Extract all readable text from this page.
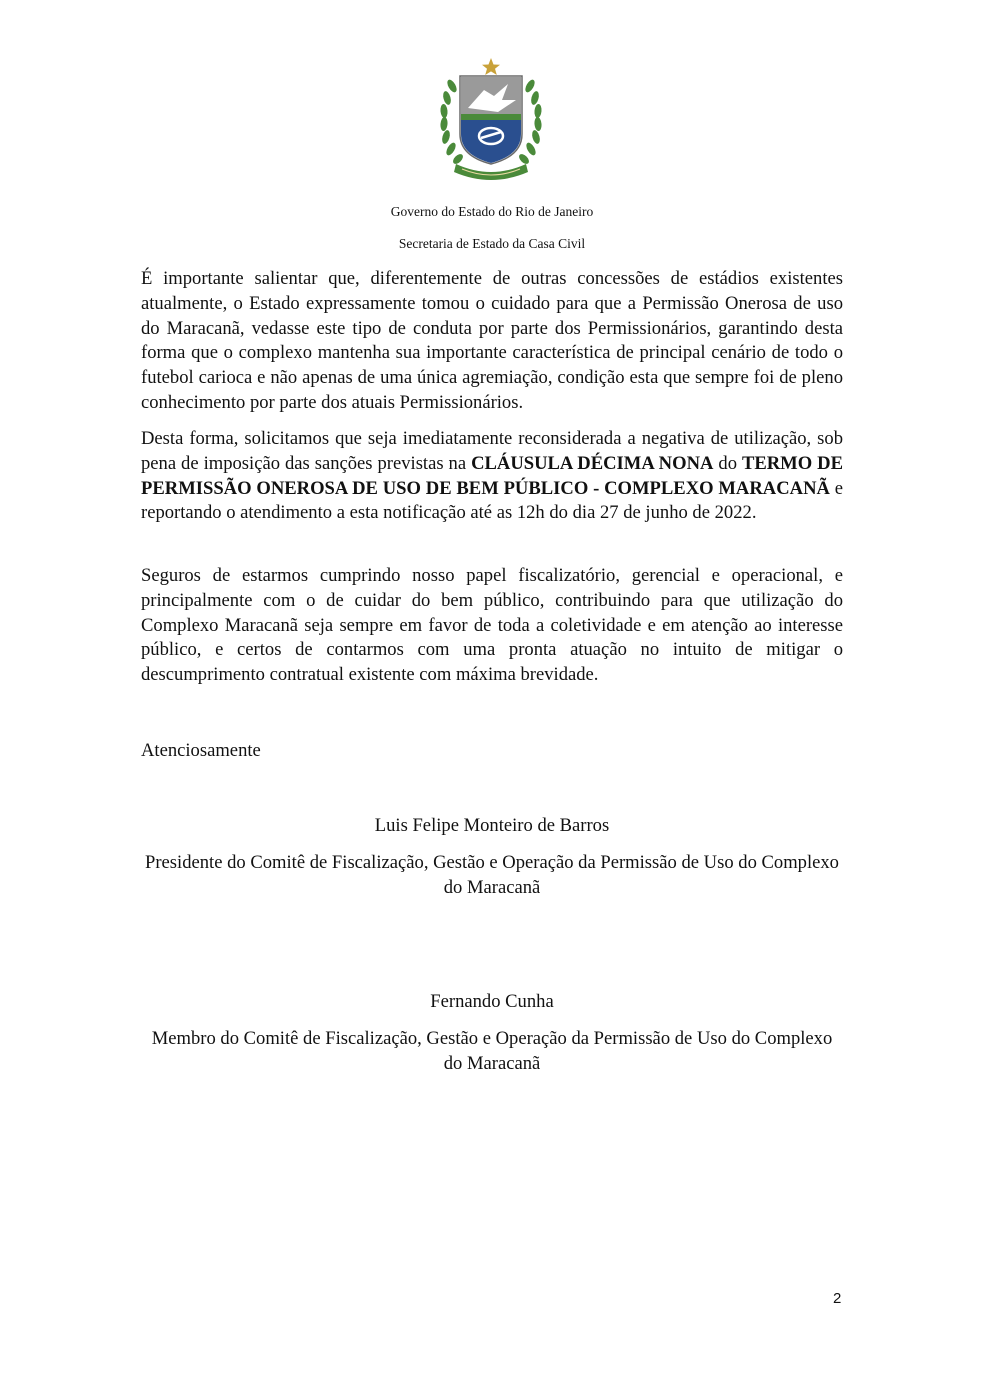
Governo do Estado do Rio de Janeiro
Secretaria de Estado da Casa Civil

É importante salientar que, diferentemente de outras concessões de estádios existentes atualmente, o Estado expressamente tomou o cuidado para que a Permissão Onerosa de uso do Maracanã, vedasse este tipo de conduta por parte dos Permissionários, garantindo desta forma que o complexo mantenha sua importante característica de principal cenário de todo o futebol carioca e não apenas de uma única agremiação, condição esta que sempre foi de pleno conhecimento por parte dos atuais Permissionários.

Desta forma, solicitamos que seja imediatamente reconsiderada a negativa de utilização, sob pena de imposição das sanções previstas na CLÁUSULA DÉCIMA NONA do TERMO DE PERMISSÃO ONEROSA DE USO DE BEM PÚBLICO - COMPLEXO MARACANÃ e reportando o atendimento a esta notificação até as 12h do dia 27 de junho de 2022.

Seguros de estarmos cumprindo nosso papel fiscalizatório, gerencial e operacional, e principalmente com o de cuidar do bem público, contribuindo para que utilização do Complexo Maracanã seja sempre em favor de toda a coletividade e em atenção ao interesse público, e certos de contarmos com uma pronta atuação no intuito de mitigar o descumprimento contratual existente com máxima brevidade.

Atenciosamente

Luis Felipe Monteiro de Barros

Presidente do Comitê de Fiscalização, Gestão e Operação da Permissão de Uso do Complexo do Maracanã

Fernando Cunha

Membro do Comitê de Fiscalização, Gestão e Operação da Permissão de Uso do Complexo do Maracanã

2
